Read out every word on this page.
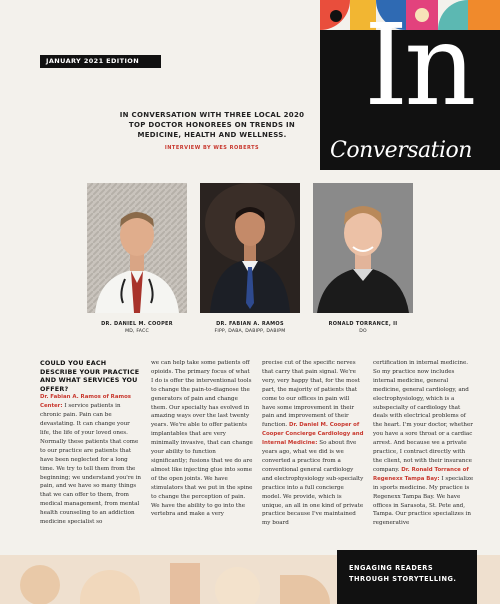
JANUARY 2021 EDITION In
Conversation
IN CONVERSATION WITH THREE LOCAL 2020 TOP DOCTOR HONOREES ON TRENDS IN MEDICINE, HEALTH AND WELLNESS.
INTERVIEW BY WES ROBERTS
DR. DANIEL M. COOPER
MD, FACC
DR. FABIAN A. RAMOS
FIPP, DABA, DABIPP, DABIPM
RONALD TORRANCE, II
DO
COULD YOU EACH DESCRIBE YOUR PRACTICE AND WHAT SERVICES YOU OFFER?
Dr. Fabian A. Ramos of Ramos Center: I service patients in chronic pain. Pain can be devastating. It can change your life, the life of your loved ones. Normally these patients that come to our practice are patients that have been neglected for a long time. We try to tell them from the beginning; we understand you're in pain, and we have so many things that we can offer to them, from medical management, from mental health counseling to an addiction medicine specialist so
we can help take some patients off opioids. The primary focus of what I do is offer the interventional tools to change the pain-to-diagnose the generators of pain and change them. Our specialty has evolved in amazing ways over the last twenty years. We're able to offer patients implantables that are very minimally invasive, that can change your ability to function significantly; fusions that we do are almost like injecting glue into some of the open joints. We have stimulators that we put in the spine to change the perception of pain. We have the ability to go into the vertebra and make a very
precise cut of the specific nerves that carry that pain signal. We're very, very happy that, for the most part, the majority of patients that come to our offices in pain will have some improvement in their pain and improvement of their function. Dr. Daniel M. Cooper of Cooper Concierge Cardiology and Internal Medicine: So about five years ago, what we did is we converted a practice from a conventional general cardiology and electrophysiology sub-specialty practice into a full concierge model. We provide, which is unique, an all in one kind of private practice because I've maintained my board
certification in internal medicine. So my practice now includes internal medicine, general medicine, general cardiology, and electrophysiology, which is a subspecialty of cardiology that deals with electrical problems of the heart. I'm your doctor, whether you have a sore throat or a cardiac arrest. And because we a private practice, I contract directly with the client, not with their insurance company. Dr. Ronald Torrance of Regenexx Tampa Bay: I specialize in sports medicine. My practice is Regenexx Tampa Bay. We have offices in Sarasota, St. Pete and, Tampa. Our practice specializes in regenerative
ENGAGING READERS
THROUGH STORYTELLING.
